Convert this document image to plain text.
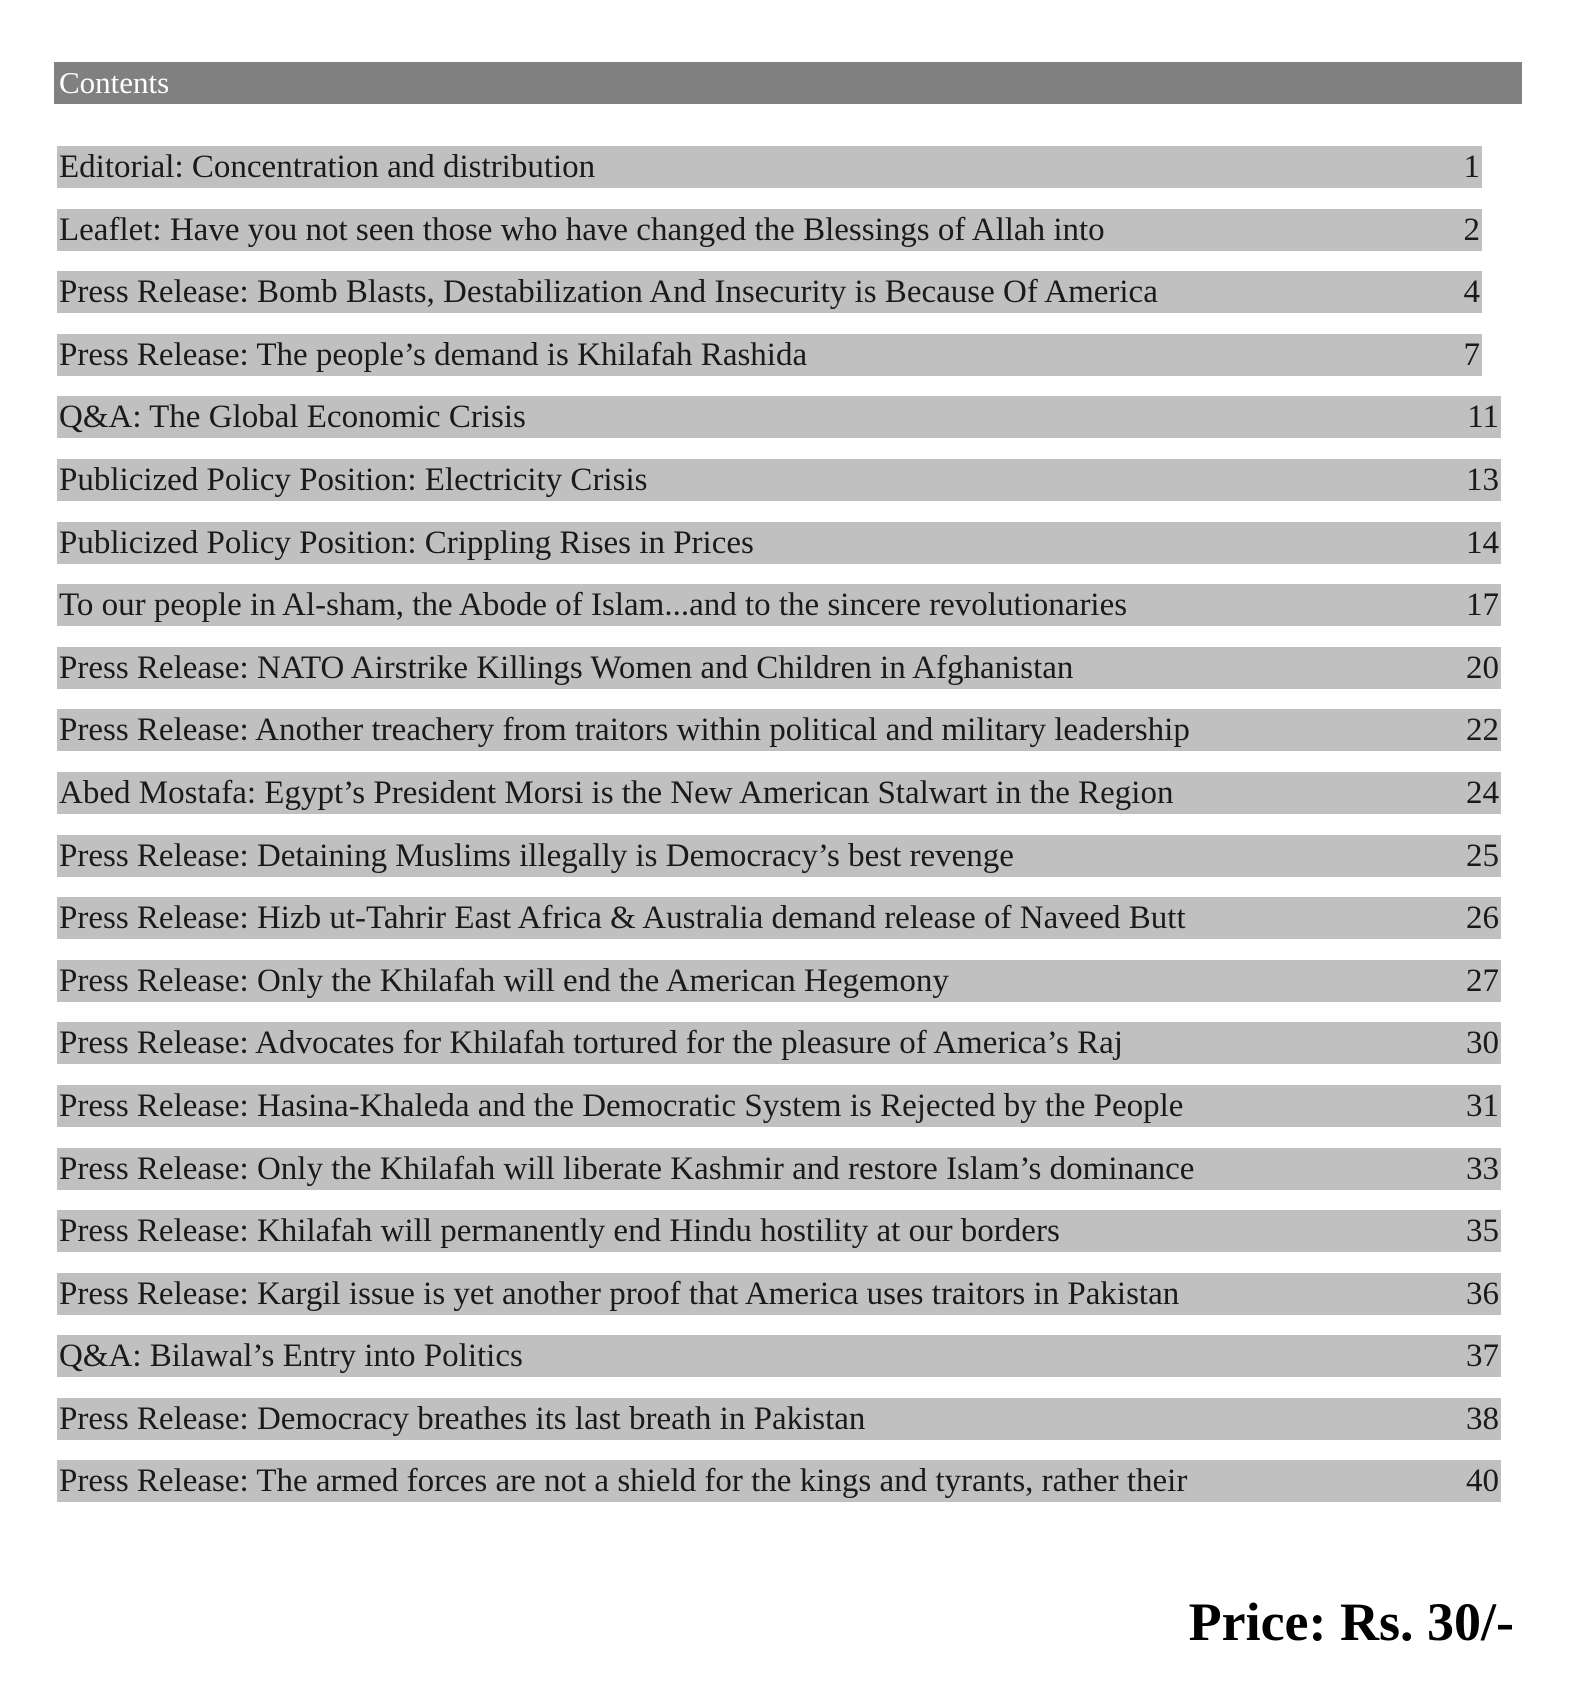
Contents
Editorial: Concentration and distribution	1
Leaflet: Have you not seen those who have changed the Blessings of Allah into	2
Press Release: Bomb Blasts, Destabilization And Insecurity is Because Of America	4
Press Release: The people’s demand is Khilafah Rashida	7
Q&A: The Global Economic Crisis	11
Publicized Policy Position: Electricity Crisis	13
Publicized Policy Position: Crippling Rises in Prices	14
To our people in Al-sham, the Abode of Islam...and to the sincere revolutionaries	17
Press Release: NATO Airstrike Killings Women and Children in Afghanistan	20
Press Release: Another treachery from traitors within political and military leadership	22
Abed Mostafa: Egypt’s President Morsi is the New American Stalwart in the Region	24
Press Release: Detaining Muslims illegally is Democracy’s best revenge	25
Press Release: Hizb ut-Tahrir East Africa & Australia demand release of Naveed Butt	26
Press Release: Only the Khilafah will end the American Hegemony	27
Press Release: Advocates for Khilafah tortured for the pleasure of America’s Raj	30
Press Release: Hasina-Khaleda and the Democratic System is Rejected by the People	31
Press Release: Only the Khilafah will liberate Kashmir and restore Islam’s dominance	33
Press Release: Khilafah will permanently end Hindu hostility at our borders	35
Press Release: Kargil issue is yet another proof that America uses traitors in Pakistan	36
Q&A: Bilawal’s Entry into Politics	37
Press Release: Democracy breathes its last breath in Pakistan	38
Press Release: The armed forces are not a shield for the kings and tyrants, rather their	40
Price: Rs. 30/-
